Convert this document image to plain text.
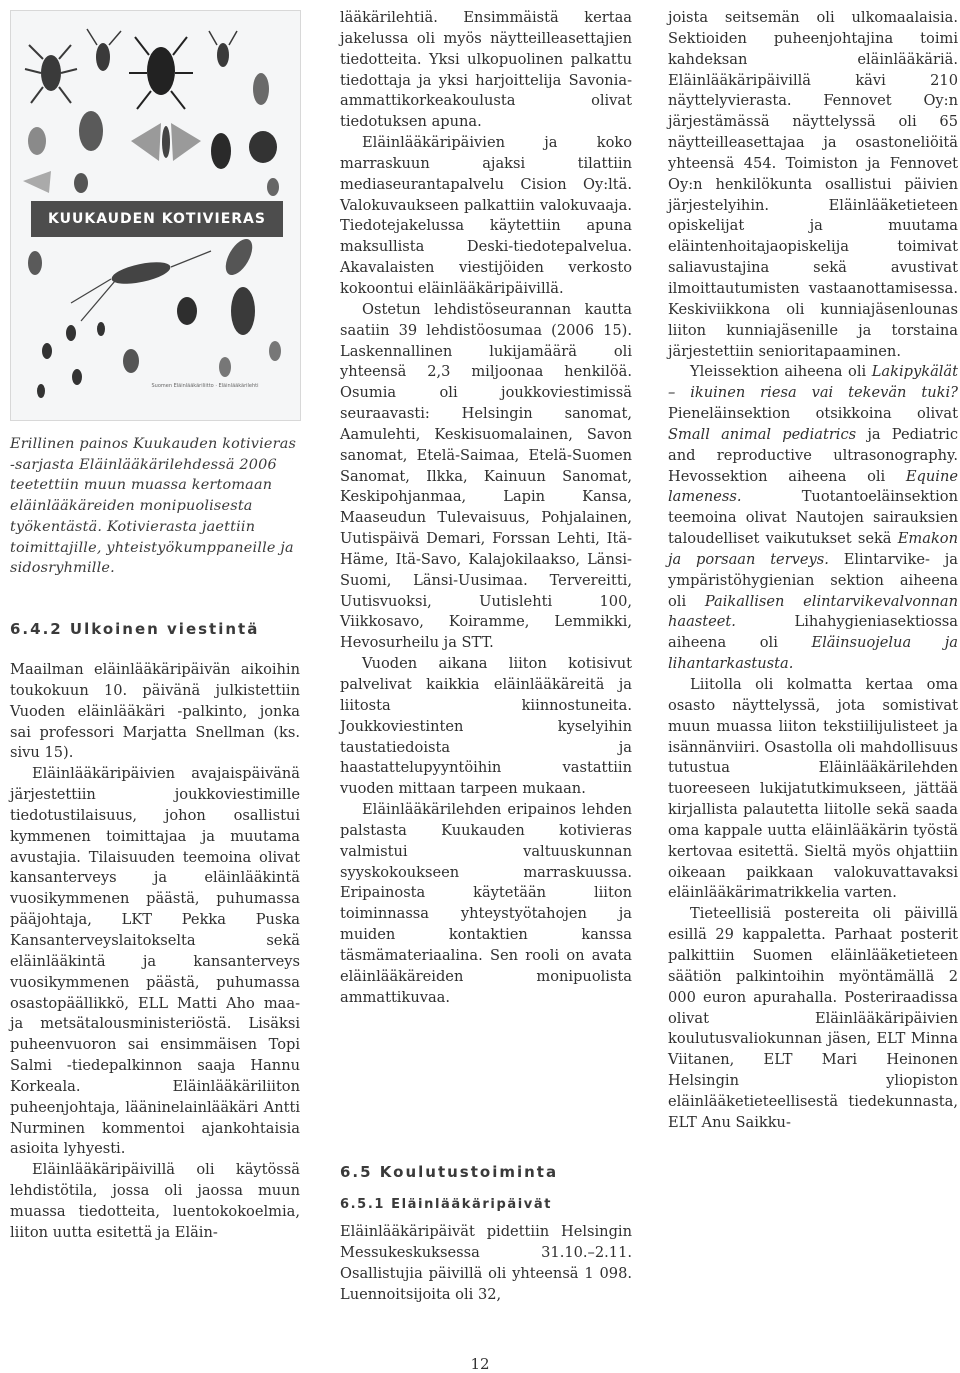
KUUKAUDEN KOTIVIERAS
Suomen Eläinlääkäriliitto · Eläinlääkärilehti

Erillinen painos Kuukauden kotivieras -sarjasta Eläinlääkärilehdessä 2006 teetettiin muun muassa kertomaan eläinlääkäreiden monipuolisesta työkentästä. Kotivierasta jaettiin toimittajille, yhteistyökumppaneille ja sidosryhmille.

6.4.2 Ulkoinen viestintä

Maailman eläinlääkäripäivän aikoihin toukokuun 10. päivänä julkistettiin Vuoden eläinlääkäri -palkinto, jonka sai professori Marjatta Snellman (ks. sivu 15).

Eläinlääkäripäivien avajaispäivänä järjestettiin joukkoviestimille tiedotustilaisuus, johon osallistui kymmenen toimittajaa ja muutama avustajia. Tilaisuuden teemoina olivat kansanterveys ja eläinlääkintä vuosikymmenen päästä, puhumassa pääjohtaja, LKT Pekka Puska Kansanterveyslaitokselta sekä eläinlääkintä ja kansanterveys vuosikymmenen päästä, puhumassa osastopäällikkö, ELL Matti Aho maa- ja metsätalousministeriöstä. Lisäksi puheenvuoron sai ensimmäisen Topi Salmi -tiedepalkinnon saaja Hannu Korkeala. Eläinlääkäriliiton puheenjohtaja, lääninelainlääkäri Antti Nurminen kommentoi ajankohtaisia asioita lyhyesti.

Eläinlääkäripäivillä oli käytössä lehdistötila, jossa oli jaossa muun muassa tiedotteita, luentokokoelmia, liiton uutta esitettä ja Eläin-

lääkärilehtiä. Ensimmäistä kertaa jakelussa oli myös näytteilleasettajien tiedotteita. Yksi ulkopuolinen palkattu tiedottaja ja yksi harjoittelija Savonia-ammattikorkeakoulusta olivat tiedotuksen apuna.

Eläinlääkäripäivien ja koko marraskuun ajaksi tilattiin mediaseurantapalvelu Cision Oy:ltä. Valokuvaukseen palkattiin valokuvaaja. Tiedotejakelussa käytettiin apuna maksullista Deski-tiedotepalvelua. Akavalaisten viestijöiden verkosto kokoontui eläinlääkäripäivillä.

Ostetun lehdistöseurannan kautta saatiin 39 lehdistöosumaa (2006 15). Laskennallinen lukijamäärä oli yhteensä 2,3 miljoonaa henkilöä. Osumia oli joukkoviestimissä seuraavasti: Helsingin sanomat, Aamulehti, Keskisuomalainen, Savon sanomat, Etelä-Saimaa, Etelä-Suomen Sanomat, Ilkka, Kainuun Sanomat, Keskipohjanmaa, Lapin Kansa, Maaseudun Tulevaisuus, Pohjalainen, Uutispäivä Demari, Forssan Lehti, Itä-Häme, Itä-Savo, Kalajokilaakso, Länsi-Suomi, Länsi-Uusimaa. Tervereitti, Uutisvuoksi, Uutislehti 100, Viikkosavo, Koiramme, Lemmikki, Hevosurheilu ja STT.

Vuoden aikana liiton kotisivut palvelivat kaikkia eläinlääkäreitä ja liitosta kiinnostuneita. Joukkoviestinten kyselyihin taustatiedoista ja haastattelupyyntöihin vastattiin vuoden mittaan tarpeen mukaan.

Eläinlääkärilehden eripainos lehden palstasta Kuukauden kotivieras valmistui valtuuskunnan syyskokoukseen marraskuussa. Eripainosta käytetään liiton toiminnassa yhteystyötahojen ja muiden kontaktien kanssa täsmämateriaalina. Sen rooli on avata eläinlääkäreiden monipuolista ammattikuvaa.

6.5 Koulutustoiminta
6.5.1 Eläinlääkäripäivät

Eläinlääkäripäivät pidettiin Helsingin Messukeskuksessa 31.10.–2.11. Osallistujia päivillä oli yhteensä 1 098. Luennoitsijoita oli 32,

joista seitsemän oli ulkomaalaisia. Sektioiden puheenjohtajina toimi kahdeksan eläinlääkäriä. Eläinlääkäripäivillä kävi 210 näyttelyvierasta. Fennovet Oy:n järjestämässä näyttelyssä oli 65 näytteilleasettajaa ja osastoneliöitä yhteensä 454. Toimiston ja Fennovet Oy:n henkilökunta osallistui päivien järjestelyihin. Eläinlääketieteen opiskelijat ja muutama eläintenhoitajaopiskelija toimivat saliavustajina sekä avustivat ilmoittautumisten vastaanottamisessa. Keskiviikkona oli kunniajäsenlounas liiton kunniajäsenille ja torstaina järjestettiin senioritapaaminen.

Yleissektion aiheena oli Lakipykälät – ikuinen riesa vai tekevän tuki? Pieneläinsektion otsikkoina olivat Small animal pediatrics ja Pediatric and reproductive ultrasonography. Hevossektion aiheena oli Equine lameness. Tuotantoeläinsektion teemoina olivat Nautojen sairauksien taloudelliset vaikutukset sekä Emakon ja porsaan terveys. Elintarvike- ja ympäristöhygienian sektion aiheena oli Paikallisen elintarvikevalvonnan haasteet. Lihahygieniasektiossa aiheena oli Eläinsuojelua ja lihantarkastusta.

Liitolla oli kolmatta kertaa oma osasto näyttelyssä, jota somistivat muun muassa liiton tekstiilijulisteet ja isännänviiri. Osastolla oli mahdollisuus tutustua Eläinlääkärilehden tuoreeseen lukijatutkimukseen, jättää kirjallista palautetta liitolle sekä saada oma kappale uutta eläinlääkärin työstä kertovaa esitettä. Sieltä myös ohjattiin oikeaan paikkaan valokuvattavaksi eläinlääkärimatrikkelia varten.

Tieteellisiä postereita oli päivillä esillä 29 kappaletta. Parhaat posterit palkittiin Suomen eläinlääketieteen säätiön palkintoihin myöntämällä 2 000 euron apurahalla. Posteriraadissa olivat Eläinlääkäripäivien koulutusvaliokunnan jäsen, ELT Minna Viitanen, ELT Mari Heinonen Helsingin yliopiston eläinlääketieteellisestä tiedekunnasta, ELT Anu Saikku-

12
